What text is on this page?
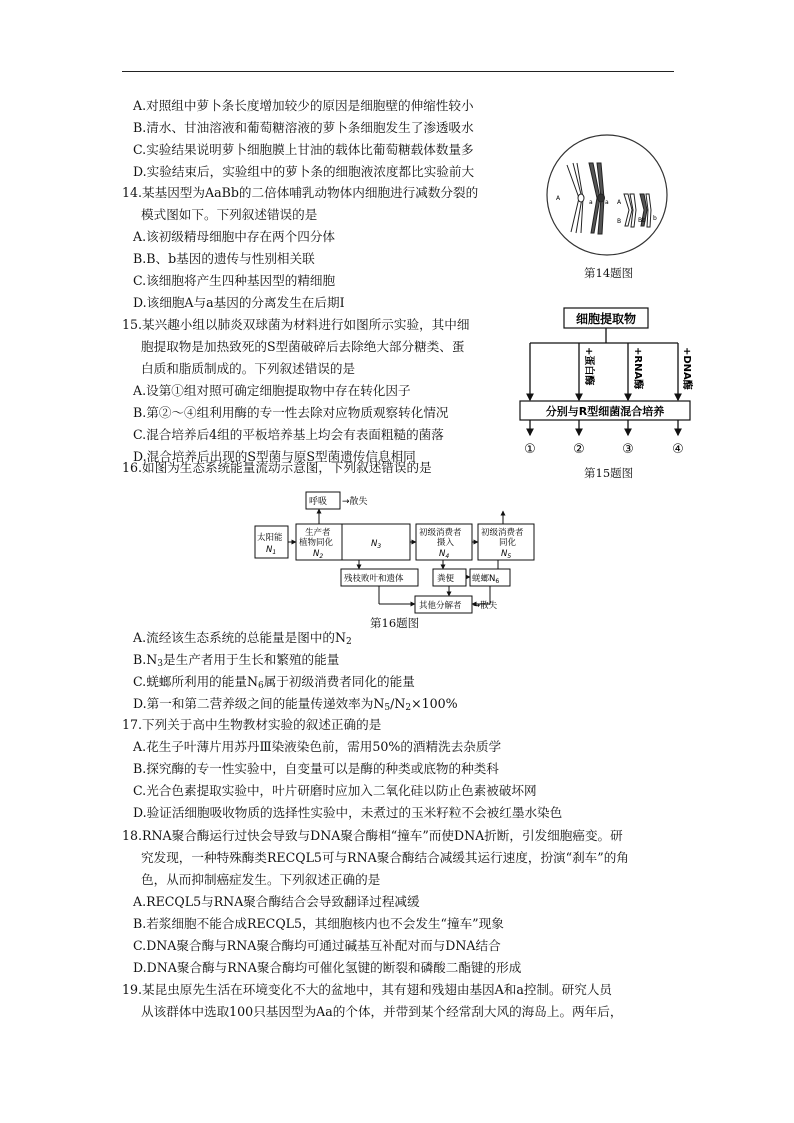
A.对照组中萝卜条长度增加较少的原因是细胞壁的伸缩性较小
B.清水、甘油溶液和葡萄糖溶液的萝卜条细胞发生了渗透吸水
C.实验结果说明萝卜细胞膜上甘油的载体比葡萄糖载体数量多
D.实验结束后，实验组中的萝卜条的细胞液浓度都比实验前大
14.某基因型为AaBb的二倍体哺乳动物体内细胞进行减数分裂的
模式图如下。下列叙述错误的是
A.该初级精母细胞中存在两个四分体
B.B、b基因的遗传与性别相关联
C.该细胞将产生四种基因型的精细胞
D.该细胞A与a基因的分离发生在后期Ⅰ
A
a a A
B	Bb b
第14题图
15.某兴趣小组以肺炎双球菌为材料进行如图所示实验，其中细
胞提取物是加热致死的S型菌破碎后去除绝大部分糖类、蛋
白质和脂质制成的。下列叙述错误的是
A.设第①组对照可确定细胞提取物中存在转化因子
B.第②～④组利用酶的专一性去除对应物质观察转化情况
C.混合培养后4组的平板培养基上均会有表面粗糙的菌落
D.混合培养后出现的S型菌与原S型菌遗传信息相同
细胞提取物
+蛋白酶	+RNA酶	+DNA酶
分别与R型细菌混合培养
①	②	③	④
第15题图
16.如图为生态系统能量流动示意图，下列叙述错误的是
呼吸 →散失
太阳能
$N_1$
生产者
植物同化
$N_2$
$N_3$
初级消费者
摄入
$N_4$
初级消费者
同化
$N_5$
残枝败叶和遗体	粪便 蜣螂$N_6$
其他分解者 →散失
第16题图
A.流经该生态系统的总能量是图中的$N_2$
$B.N_3$是生产者用于生长和繁殖的能量
C.蜣螂所利用的能量$N_6$属于初级消费者同化的能量
D.第一和第二营养级之间的能量传递效率为$N_5/N_2\times 100\%$
17.下列关于高中生物教材实验的叙述正确的是
A.花生子叶薄片用苏丹Ⅲ染液染色前，需用50%的酒精洗去杂质学
B.探究酶的专一性实验中，自变量可以是酶的种类或底物的种类科
C.光合色素提取实验中，叶片研磨时应加入二氧化硅以防止色素被破坏网
D.验证活细胞吸收物质的选择性实验中，未煮过的玉米籽粒不会被红墨水染色
18.RNA聚合酶运行过快会导致与DNA聚合酶相“撞车”而使DNA折断，引发细胞癌变。研
究发现，一种特殊酶类RECQL5可与RNA聚合酶结合减缓其运行速度，扮演“刹车”的角
色，从而抑制癌症发生。下列叙述正确的是
A.RECQL5与RNA聚合酶结合会导致翻译过程减缓
B.若浆细胞不能合成RECQL5，其细胞核内也不会发生“撞车”现象
C.DNA聚合酶与RNA聚合酶均可通过碱基互补配对而与DNA结合
D.DNA聚合酶与RNA聚合酶均可催化氢键的断裂和磷酸二酯键的形成
19.某昆虫原先生活在环境变化不大的盆地中，其有翅和残翅由基因A和a控制。研究人员
从该群体中选取100只基因型为Aa的个体，并带到某个经常刮大风的海岛上。两年后，
